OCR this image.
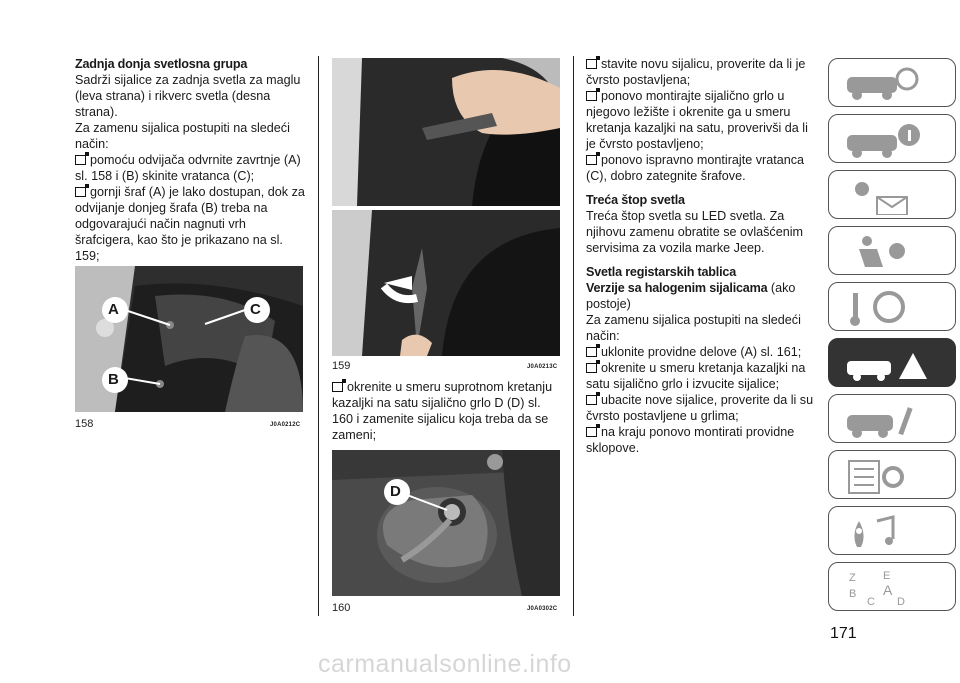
Zadnja donja svetlosna grupa

Sadrži sijalice za zadnja svetla za maglu (leva strana) i rikverc svetla (desna strana).

Za zamenu sijalica postupiti na sledeći način:

pomoću odvijača odvrnite zavrtnje (A) sl. 158 i (B) skinite vratanca (C);

gornji šraf (A) je lako dostupan, dok za odvijanje donjeg šrafa (B) treba na odgovarajući način nagnuti vrh šrafcigera, kao što je prikazano na sl. 159;

A
B
C
158	J0A0212C
159	J0A0213C

okrenite u smeru suprotnom kretanju kazaljki na satu sijalično grlo D (D) sl. 160 i zamenite sijalicu koja treba da se zameni;

D
160	J0A0302C

stavite novu sijalicu, proverite da li je čvrsto postavljena;

ponovo montirajte sijalično grlo u njegovo ležište i okrenite ga u smeru kretanja kazaljki na satu, proverivši da li je čvrsto postavljeno;

ponovo ispravno montirajte vratanca (C), dobro zategnite šrafove.

Treća štop svetla

Treća štop svetla su LED svetla. Za njihovu zamenu obratite se ovlašćenim servisima za vozila marke Jeep.

Svetla registarskih tablica

Verzije sa halogenim sijalicama (ako postoje)

Za zamenu sijalica postupiti na sledeći način:

uklonite providne delove (A) sl. 161;

okrenite u smeru kretanja kazaljki na satu sijalično grlo i izvucite sijalice;

ubacite nove sijalice, proverite da li su čvrsto postavljene u grlima;

na kraju ponovo montirati providne sklopove.

Z E
B
C
A
D
171
carmanualsonline.info
